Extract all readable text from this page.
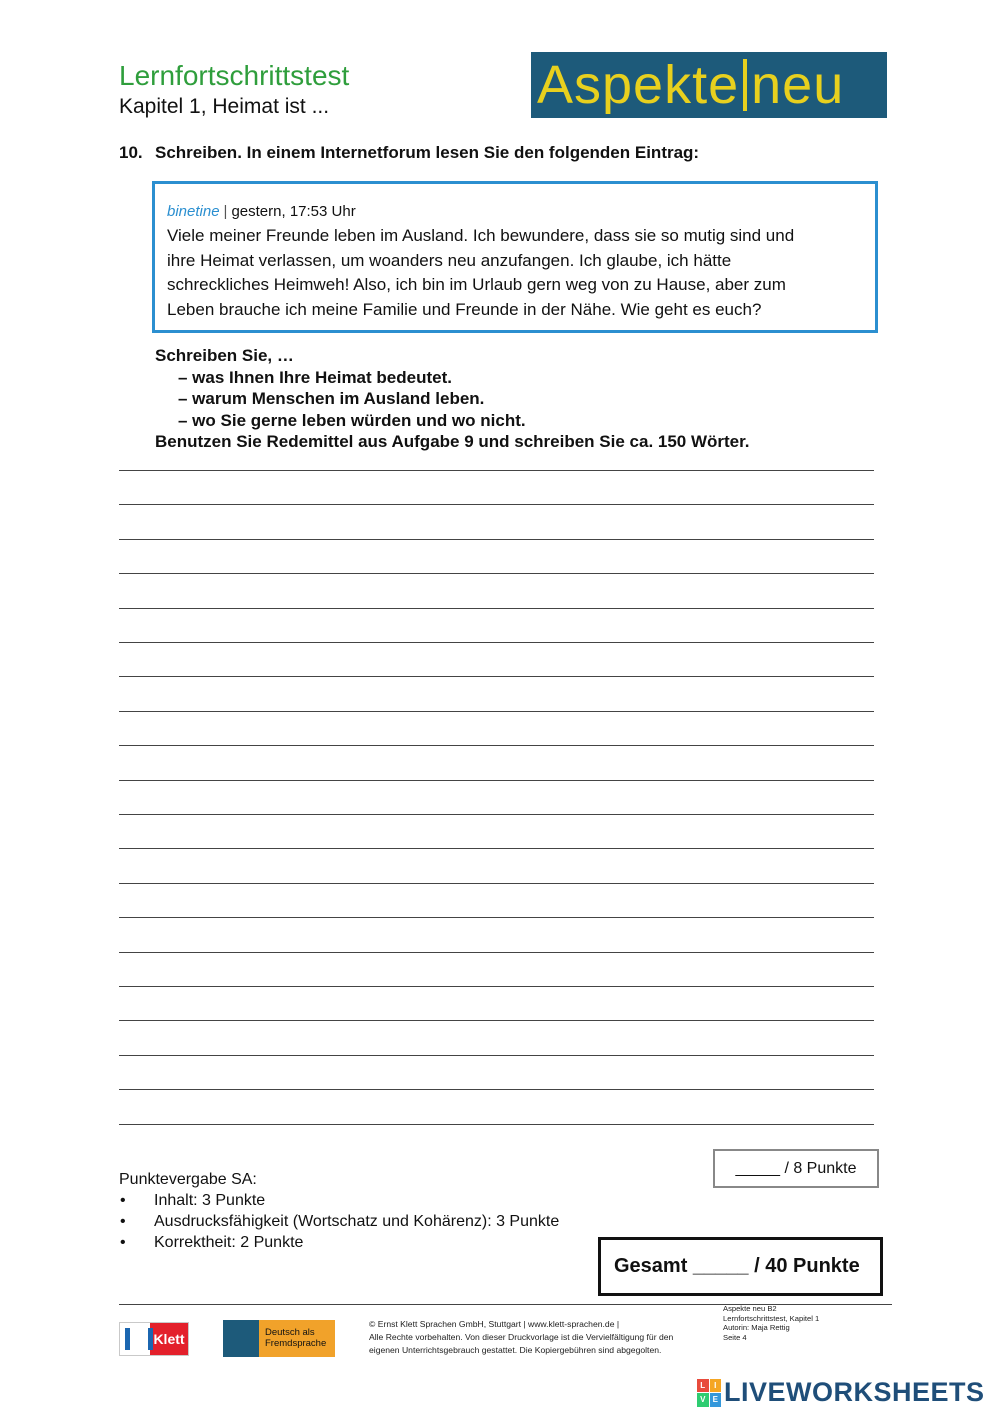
Lernfortschrittstest
Kapitel 1, Heimat ist ...	Aspekte neu
10. Schreiben. In einem Internetforum lesen Sie den folgenden Eintrag:
binetine | gestern, 17:53 Uhr
Viele meiner Freunde leben im Ausland. Ich bewundere, dass sie so mutig sind und
ihre Heimat verlassen, um woanders neu anzufangen. Ich glaube, ich hätte
schreckliches Heimweh! Also, ich bin im Urlaub gern weg von zu Hause, aber zum
Leben brauche ich meine Familie und Freunde in der Nähe. Wie geht es euch?
Schreiben Sie, …
– was Ihnen Ihre Heimat bedeutet.
– warum Menschen im Ausland leben.
– wo Sie gerne leben würden und wo nicht.
Benutzen Sie Redemittel aus Aufgabe 9 und schreiben Sie ca. 150 Wörter.
_____ / 8 Punkte
Punktevergabe SA:
• Inhalt: 3 Punkte
• Ausdrucksfähigkeit (Wortschatz und Kohärenz): 3 Punkte
• Korrektheit: 2 Punkte
Gesamt _____ / 40 Punkte
Klett	Deutsch als
Fremdsprache
© Ernst Klett Sprachen GmbH, Stuttgart | www.klett-sprachen.de |
Alle Rechte vorbehalten. Von dieser Druckvorlage ist die Vervielfältigung für den
eigenen Unterrichtsgebrauch gestattet. Die Kopiergebühren sind abgegolten.
Aspekte neu B2
Lernfortschrittstest, Kapitel 1
Autorin: Maja Rettig
Seite 4
L	I
V E LIVEWORKSHEETS
